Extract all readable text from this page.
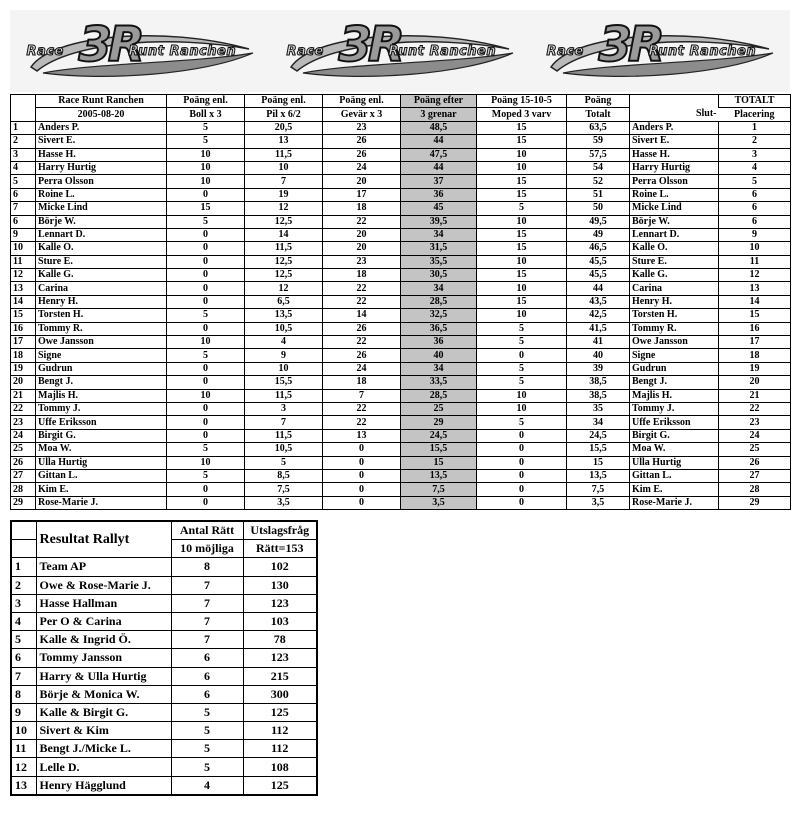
Race 3R
Runt Ranchen	Race 3R
Runt Ranchen	Race 3R
Runt Ranchen
	Race Runt Ranchen	Poäng enl.	Poäng enl.	Poäng enl.	Poäng efter	Poäng 15-10-5	Poäng		TOTALT
	2005-08-20	Boll x 3	Pil x 6/2	Gevär x 3	3 grenar	Moped 3 varv	Totalt	Slut-	Placering
1	Anders P.	5	20,5	23	48,5	15	63,5	Anders P.	1
2	Sivert E.	5	13	26	44	15	59	Sivert E.	2
3	Hasse H.	10	11,5	26	47,5	10	57,5	Hasse H.	3
4	Harry Hurtig	10	10	24	44	10	54	Harry Hurtig	4
5	Perra Olsson	10	7	20	37	15	52	Perra Olsson	5
6	Roine L.	0	19	17	36	15	51	Roine L.	6
7	Micke Lind	15	12	18	45	5	50	Micke Lind	6
6	Börje W.	5	12,5	22	39,5	10	49,5	Börje W.	6
9	Lennart D.	0	14	20	34	15	49	Lennart D.	9
10	Kalle Ö.	0	11,5	20	31,5	15	46,5	Kalle Ö.	10
11	Sture E.	0	12,5	23	35,5	10	45,5	Sture E.	11
12	Kalle G.	0	12,5	18	30,5	15	45,5	Kalle G.	12
13	Carina	0	12	22	34	10	44	Carina	13
14	Henry H.	0	6,5	22	28,5	15	43,5	Henry H.	14
15	Torsten H.	5	13,5	14	32,5	10	42,5	Torsten H.	15
16	Tommy R.	0	10,5	26	36,5	5	41,5	Tommy R.	16
17	Owe Jansson	10	4	22	36	5	41	Owe Jansson	17
18	Signe	5	9	26	40	0	40	Signe	18
19	Gudrun	0	10	24	34	5	39	Gudrun	19
20	Bengt J.	0	15,5	18	33,5	5	38,5	Bengt J.	20
21	Majlis H.	10	11,5	7	28,5	10	38,5	Majlis H.	21
22	Tommy J.	0	3	22	25	10	35	Tommy J.	22
23	Uffe Eriksson	0	7	22	29	5	34	Uffe Eriksson	23
24	Birgit G.	0	11,5	13	24,5	0	24,5	Birgit G.	24
25	Moa W.	5	10,5	0	15,5	0	15,5	Moa W.	25
26	Ulla Hurtig	10	5	0	15	0	15	Ulla Hurtig	26
27	Gittan L.	5	8,5	0	13,5	0	13,5	Gittan L.	27
28	Kim E.	0	7,5	0	7,5	0	7,5	Kim E.	28
29	Rose-Marie J.	0	3,5	0	3,5	0	3,5	Rose-Marie J.	29
	Resultat Rallyt	Antal Rätt	Utslagsfråg
		10 möjliga	Rätt=153
1	Team AP	8	102
2	Owe & Rose-Marie J.	7	130
3	Hasse Hallman	7	123
4	Per O & Carina	7	103
5	Kalle & Ingrid Ö.	7	78
6	Tommy Jansson	6	123
7	Harry & Ulla Hurtig	6	215
8	Börje & Monica W.	6	300
9	Kalle & Birgit G.	5	125
10	Sivert & Kim	5	112
11	Bengt J./Micke L.	5	112
12	Lelle D.	5	108
13	Henry Hägglund	4	125
